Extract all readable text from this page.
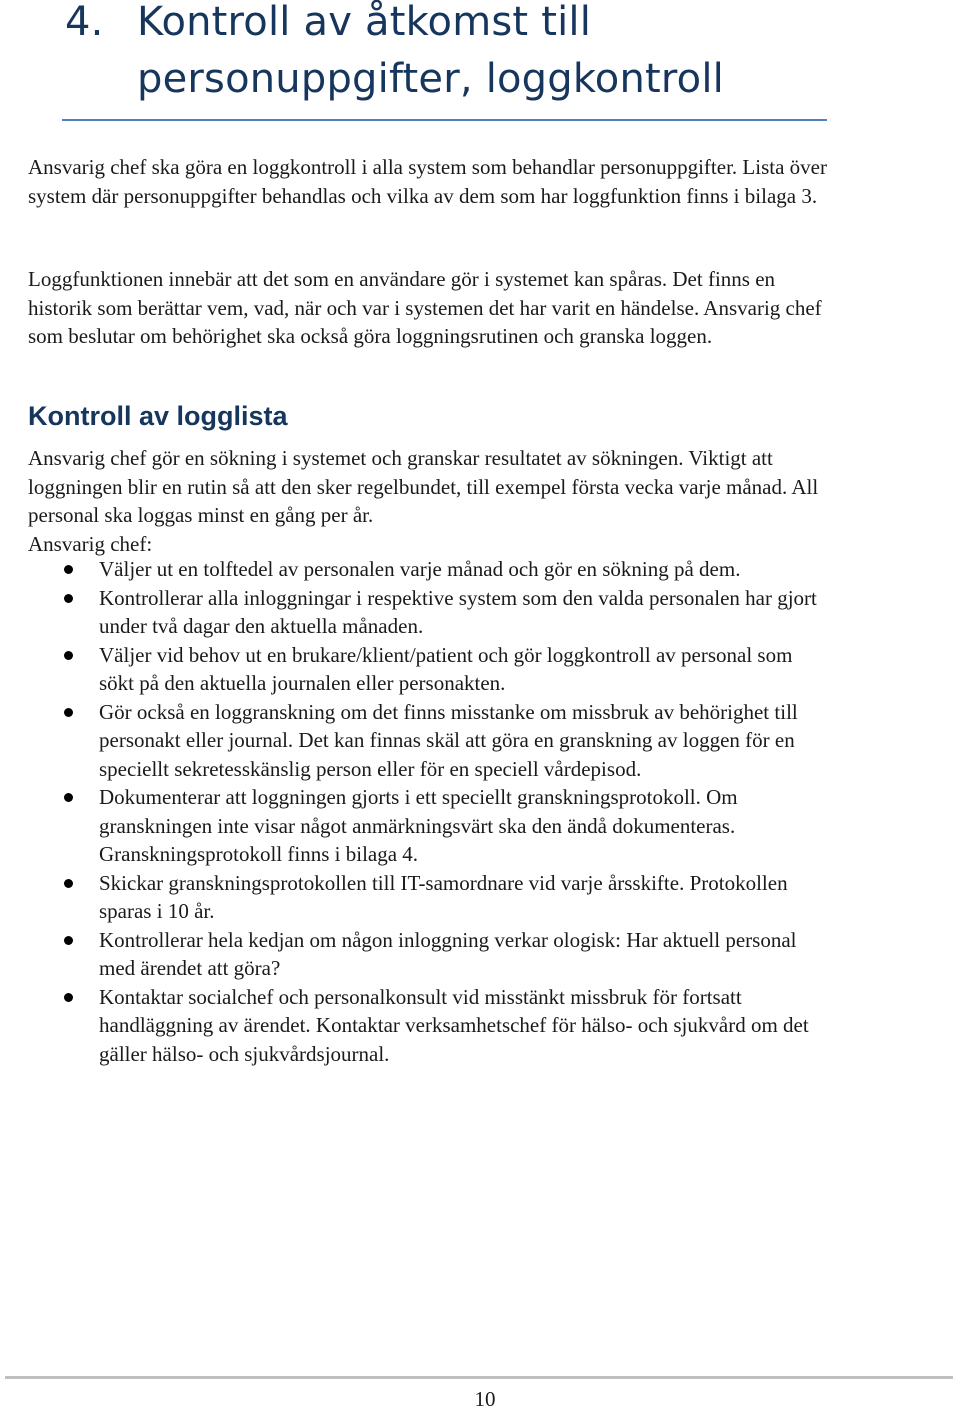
4. Kontroll av åtkomst till personuppgifter, loggkontroll

Ansvarig chef ska göra en loggkontroll i alla system som behandlar personuppgifter. Lista över system där personuppgifter behandlas och vilka av dem som har loggfunktion finns i bilaga 3.

Loggfunktionen innebär att det som en användare gör i systemet kan spåras. Det finns en historik som berättar vem, vad, när och var i systemen det har varit en händelse. Ansvarig chef som beslutar om behörighet ska också göra loggningsrutinen och granska loggen.

Kontroll av logglista

Ansvarig chef gör en sökning i systemet och granskar resultatet av sökningen. Viktigt att loggningen blir en rutin så att den sker regelbundet, till exempel första vecka varje månad. All personal ska loggas minst en gång per år.
Ansvarig chef:

Väljer ut en tolftedel av personalen varje månad och gör en sökning på dem.
Kontrollerar alla inloggningar i respektive system som den valda personalen har gjort under två dagar den aktuella månaden.
Väljer vid behov ut en brukare/klient/patient och gör loggkontroll av personal som sökt på den aktuella journalen eller personakten.
Gör också en loggranskning om det finns misstanke om missbruk av behörighet till personakt eller journal. Det kan finnas skäl att göra en granskning av loggen för en speciellt sekretesskänslig person eller för en speciell vårdepisod.
Dokumenterar att loggningen gjorts i ett speciellt granskningsprotokoll. Om granskningen inte visar något anmärkningsvärt ska den ändå dokumenteras. Granskningsprotokoll finns i bilaga 4.
Skickar granskningsprotokollen till IT-samordnare vid varje årsskifte. Protokollen sparas i 10 år.
Kontrollerar hela kedjan om någon inloggning verkar ologisk: Har aktuell personal med ärendet att göra?
Kontaktar socialchef och personalkonsult vid misstänkt missbruk för fortsatt handläggning av ärendet. Kontaktar verksamhetschef för hälso- och sjukvård om det gäller hälso- och sjukvårdsjournal.
10
